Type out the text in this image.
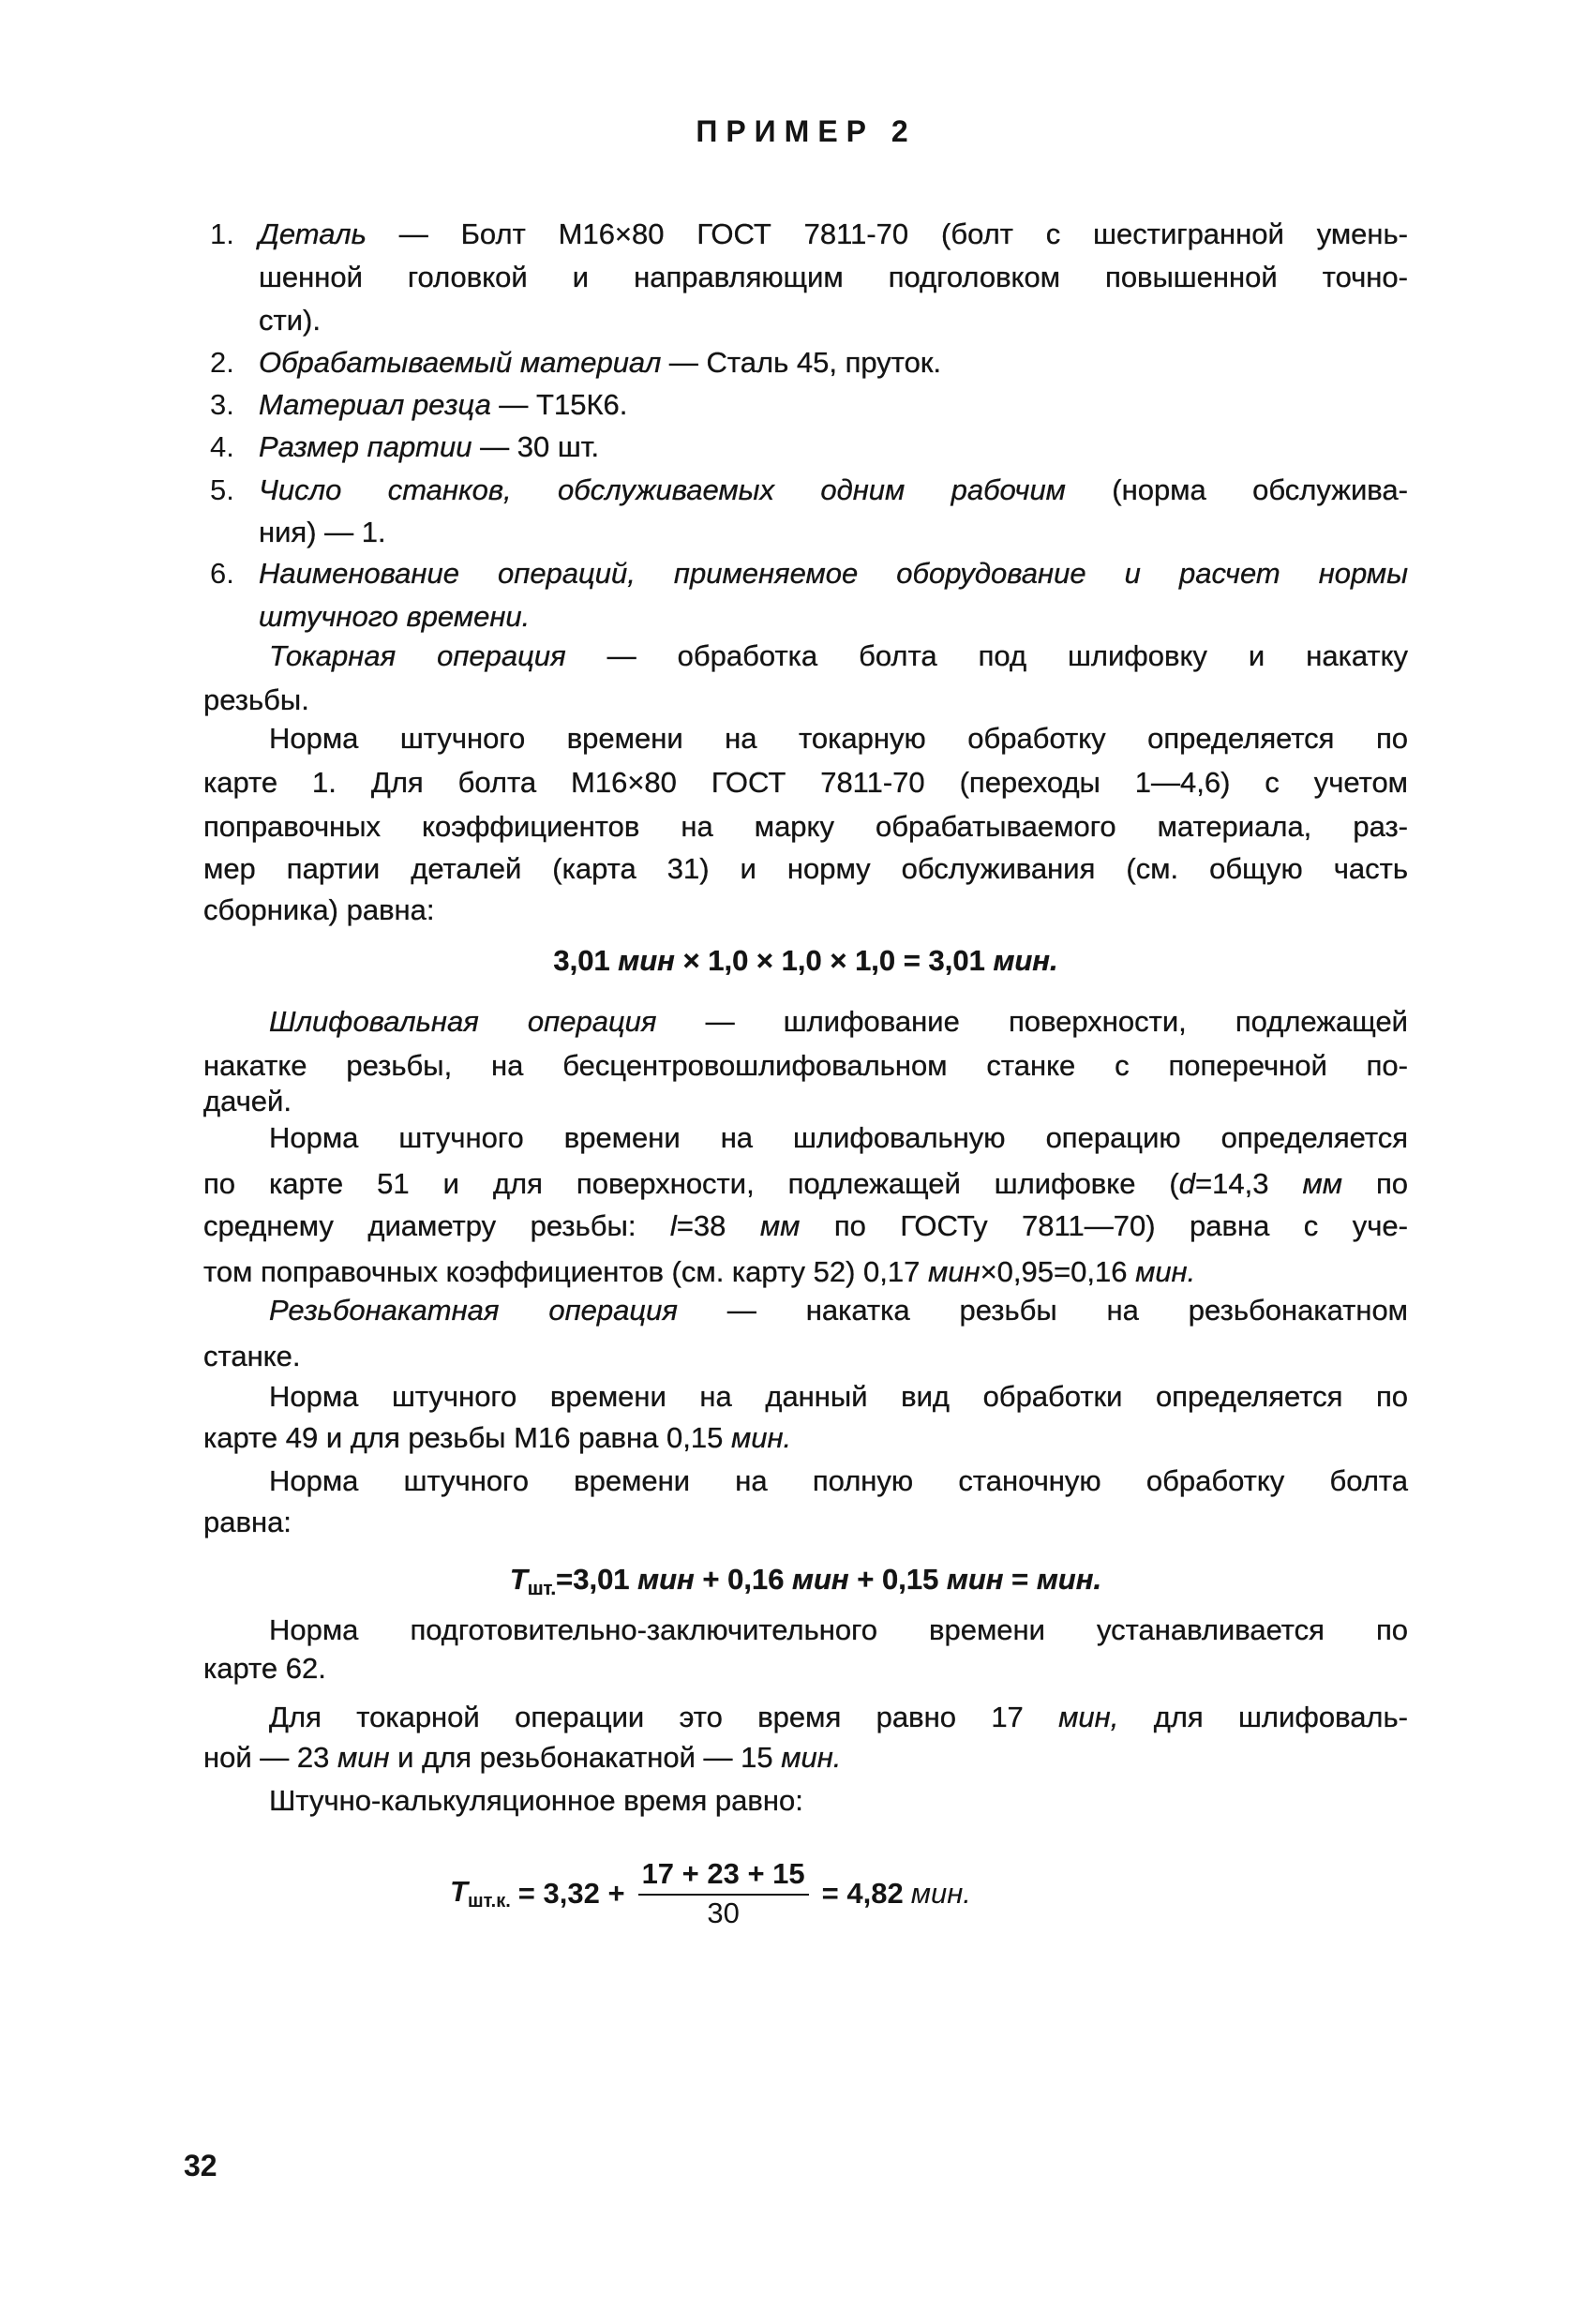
ПРИМЕР 2
1. Деталь — Болт М16×80 ГОСТ 7811-70 (болт с шестигранной умень-
шенной головкой и направляющим подголовком повышенной точно-
сти).
2. Обрабатываемый материал — Сталь 45, пруток.
3. Материал резца — Т15К6.
4. Размер партии — 30 шт.
5. Число станков, обслуживаемых одним рабочим (норма обслужива-
ния) — 1.
6. Наименование операций, применяемое оборудование и расчет нормы
штучного времени.
Токарная операция — обработка болта под шлифовку и накатку
резьбы.
Норма штучного времени на токарную обработку определяется по
карте 1. Для болта М16×80 ГОСТ 7811-70 (переходы 1—4,6) с учетом
поправочных коэффициентов на марку обрабатываемого материала, раз-
мер партии деталей (карта 31) и норму обслуживания (см. общую часть
сборника) равна:
3,01 мин × 1,0 × 1,0 × 1,0 = 3,01 мин.
Шлифовальная операция — шлифование поверхности, подлежащей
накатке резьбы, на бесцентровошлифовальном станке с поперечной по-
дачей.
Норма штучного времени на шлифовальную операцию определяется
по карте 51 и для поверхности, подлежащей шлифовке (d=14,3 мм по
среднему диаметру резьбы: l=38 мм по ГОСТу 7811—70) равна с уче-
том поправочных коэффициентов (см. карту 52) 0,17 мин×0,95=0,16 мин.
Резьбонакатная операция — накатка резьбы на резьбонакатном
станке.
Норма штучного времени на данный вид обработки определяется по
карте 49 и для резьбы М16 равна 0,15 мин.
Норма штучного времени на полную станочную обработку болта
равна:
$Т_{шт.}=3,01$ мин + 0,16 мин + 0,15 мин = мин.
Норма подготовительно-заключительного времени устанавливается по
карте 62.
Для токарной операции это время равно 17 мин, для шлифоваль-
ной — 23 мин и для резьбонакатной — 15 мин.
Штучно-калькуляционное время равно:
$Т_{шт.к.} = 3,32 + \frac{17 + 23 + 15}{30} = 4,82$ мин.
32
